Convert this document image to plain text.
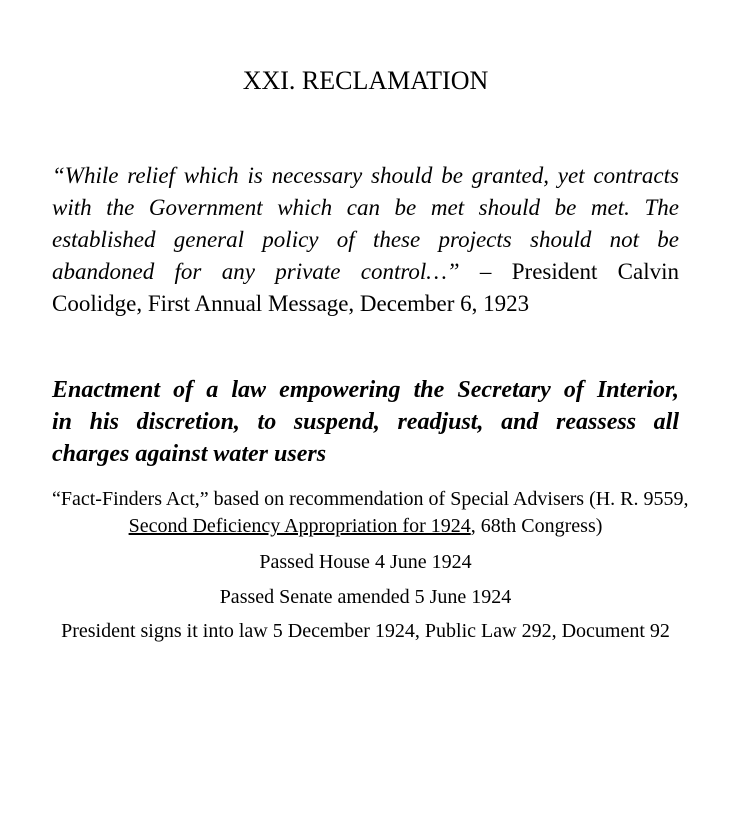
XXI. RECLAMATION
“While relief which is necessary should be granted, yet contracts
with the Government which can be met should be met. The
established general policy of these projects should not be
abandoned for any private control…” – President Calvin
Coolidge, First Annual Message, December 6, 1923
Enactment of a law empowering the Secretary of Interior,
in his discretion, to suspend, readjust, and reassess all
charges against water users
“Fact-Finders Act,” based on recommendation of Special Advisers (H. R. 9559,
Second Deficiency Appropriation for 1924, 68th Congress)
Passed House 4 June 1924
Passed Senate amended 5 June 1924
President signs it into law 5 December 1924, Public Law 292, Document 92
